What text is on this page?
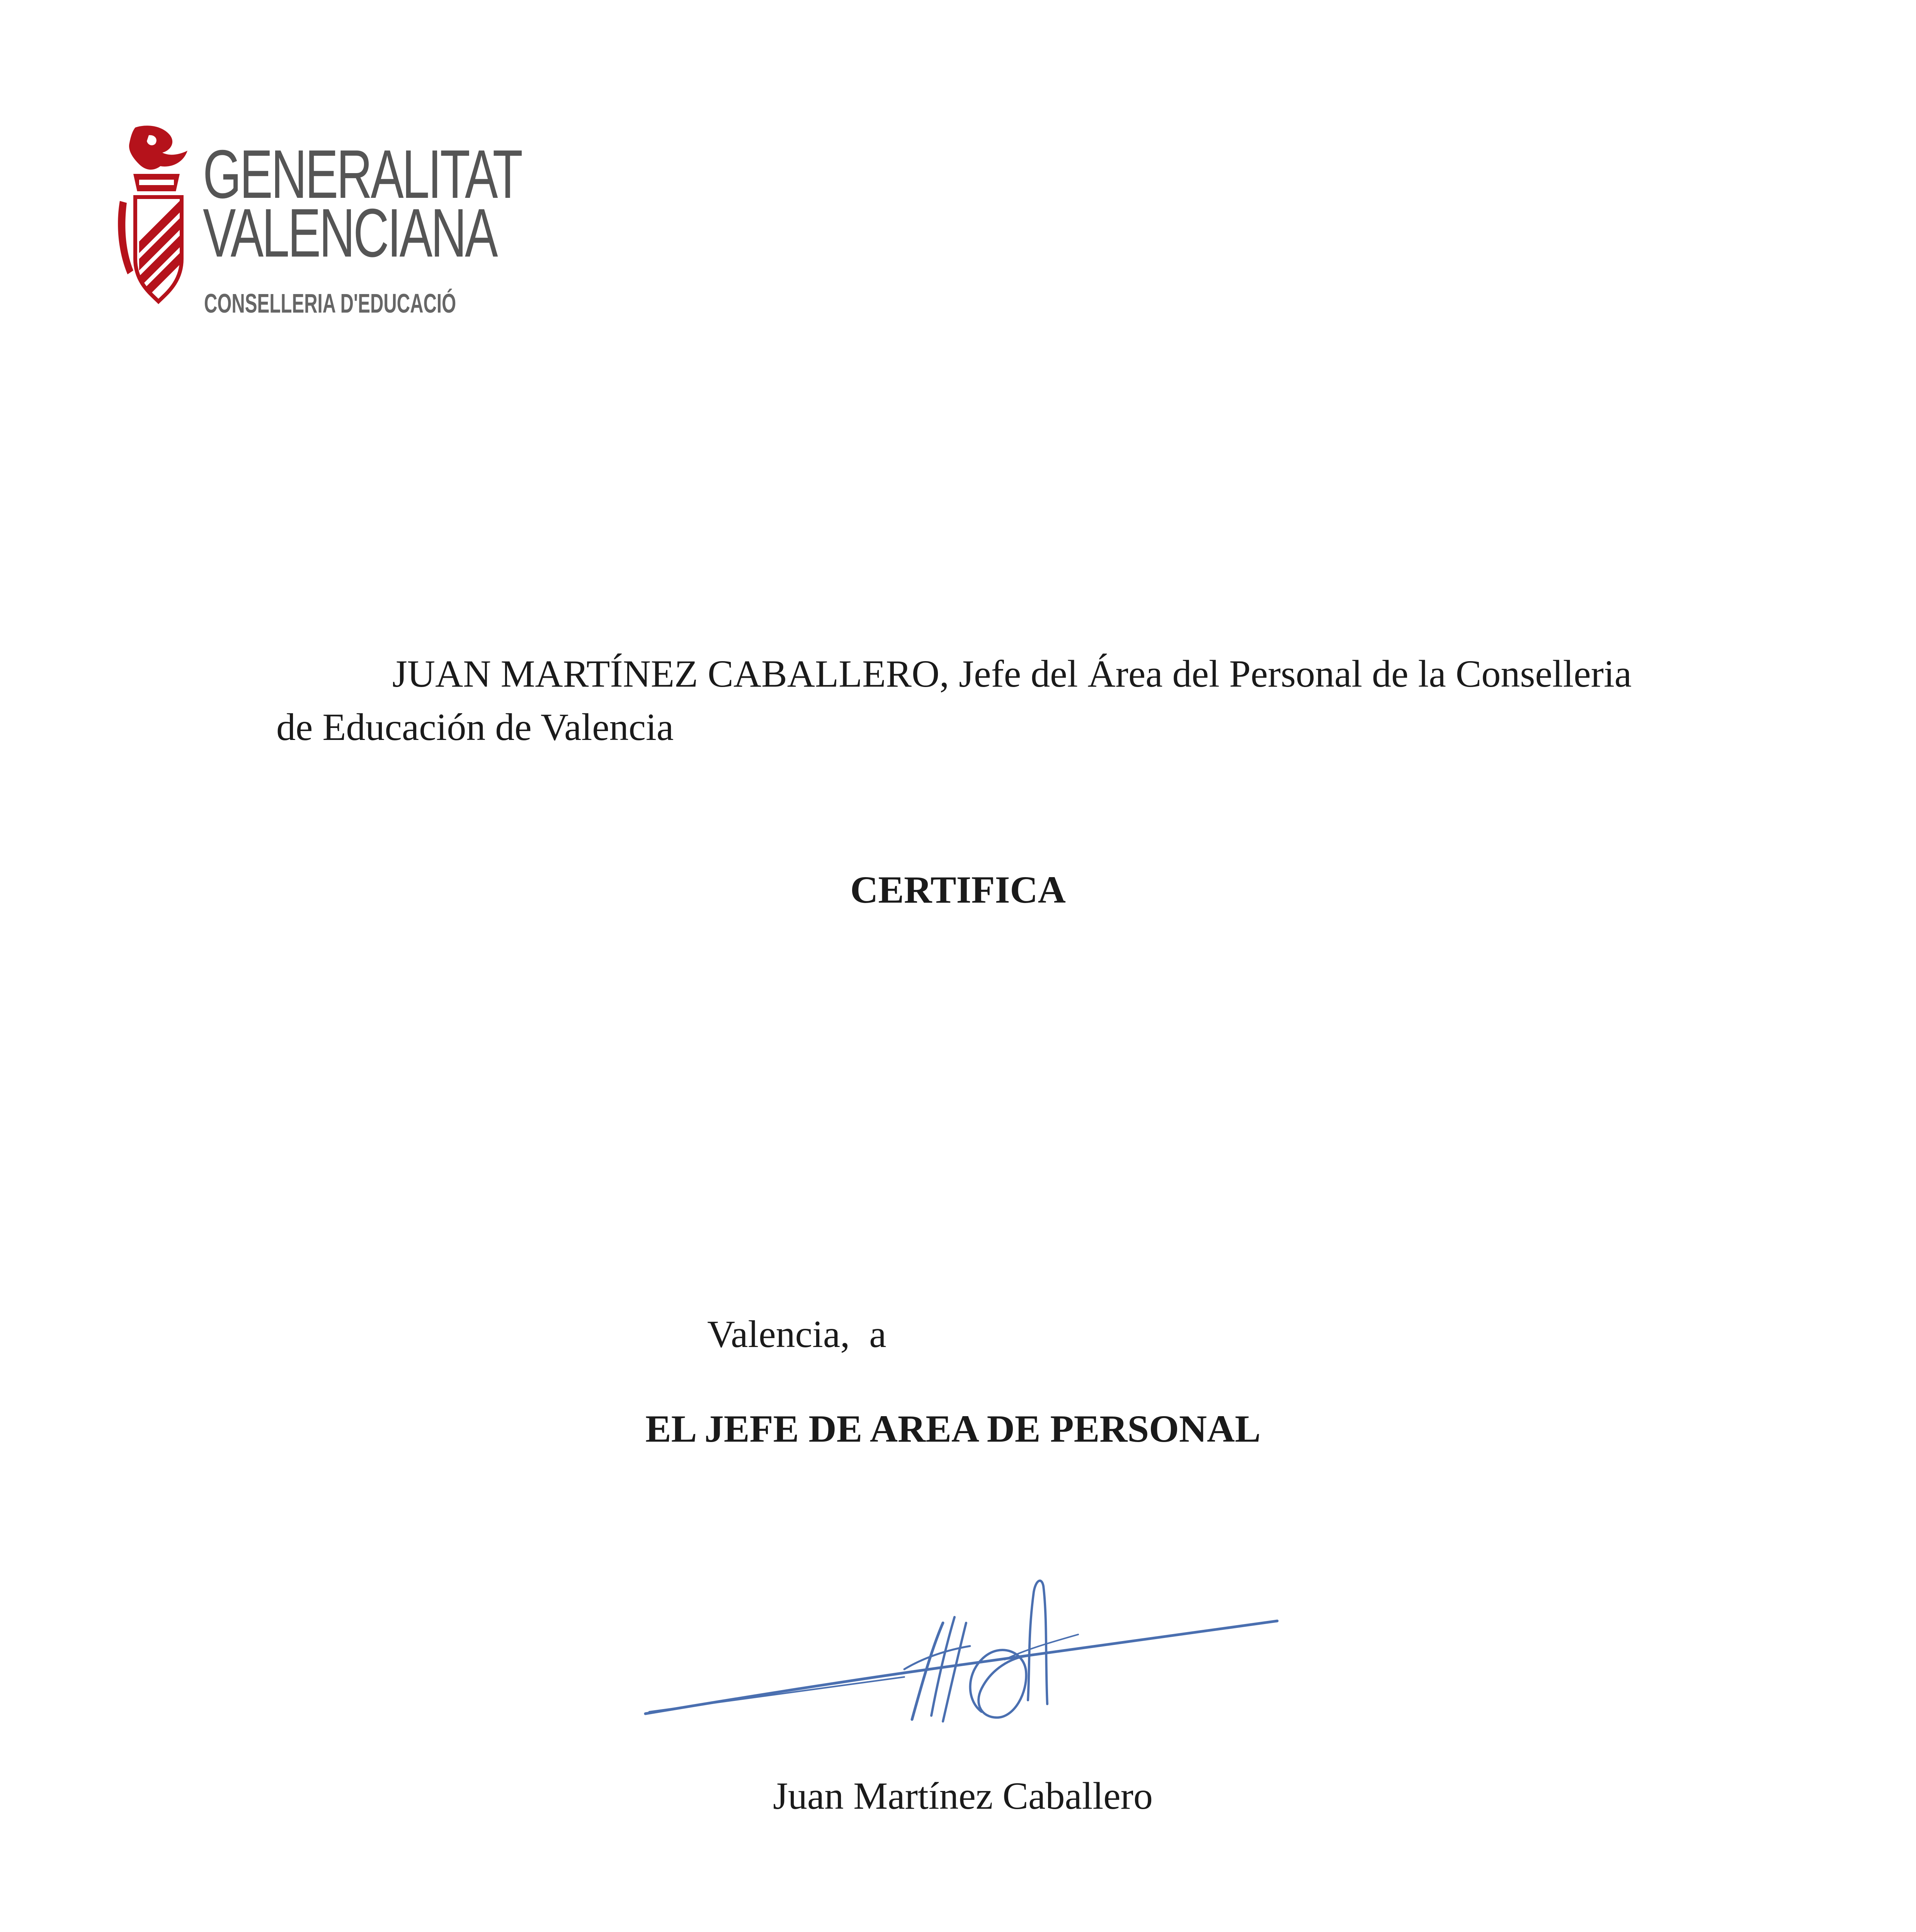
GENERALITAT
VALENCIANA
CONSELLERIA D'EDUCACIÓ

JUAN MARTÍNEZ CABALLERO, Jefe del Área del Personal de la Conselleria de Educación de Valencia

CERTIFICA
Valencia,  a
EL JEFE DE AREA DE PERSONAL
Juan Martínez Caballero
